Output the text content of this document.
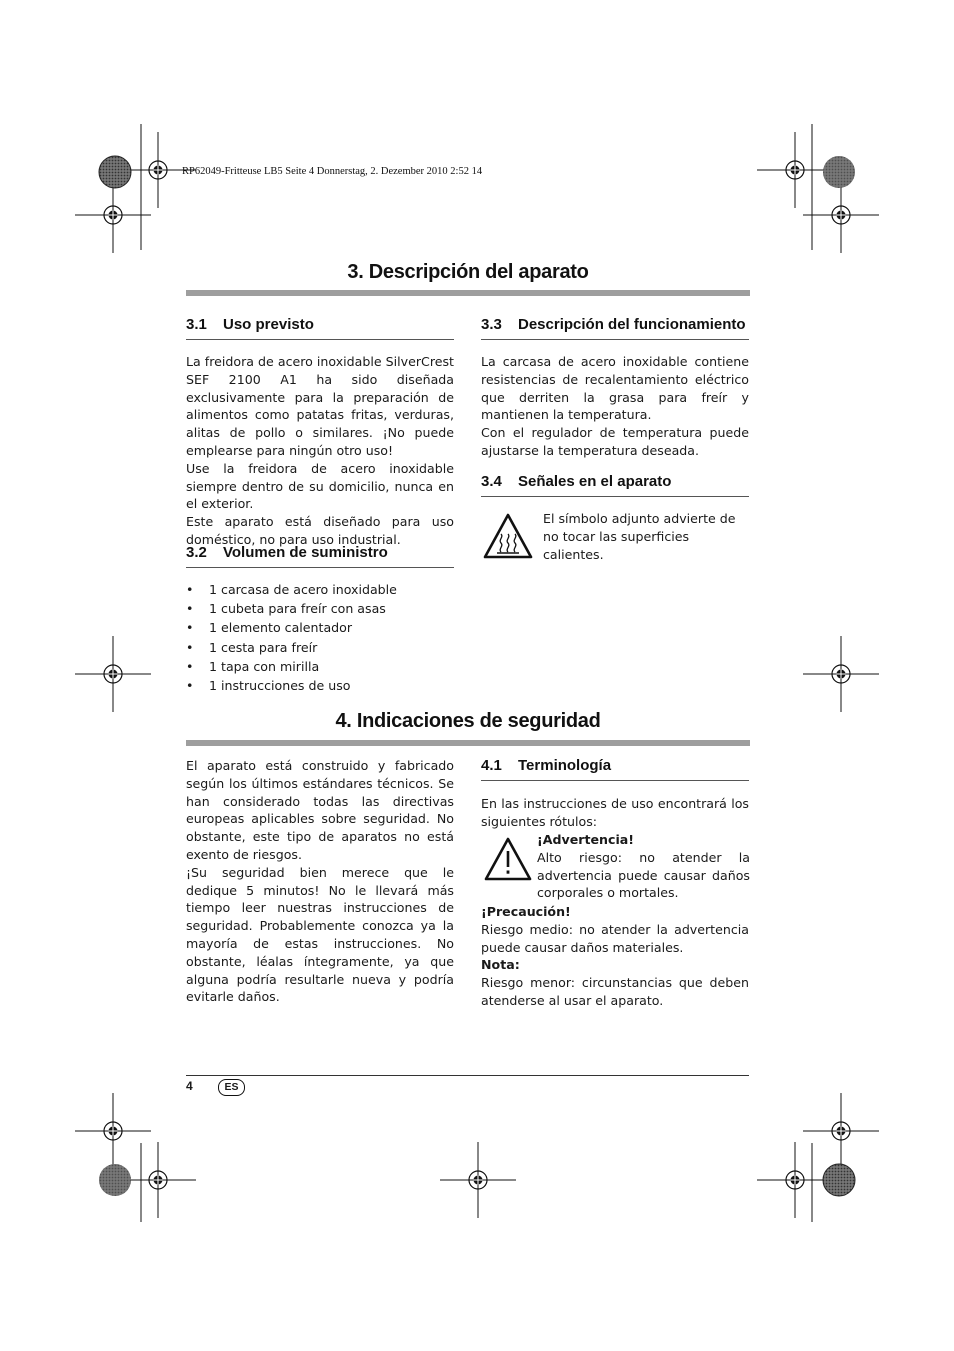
RP62049-Fritteuse LB5 Seite 4 Donnerstag, 2. Dezember 2010 2:52 14
3. Descripción del aparato
3.1 Uso previsto

La freidora de acero inoxidable SilverCrest SEF 2100 A1 ha sido diseñada exclusivamente para la preparación de alimentos como patatas fritas, verduras, alitas de pollo o similares. ¡No puede emplearse para ningún otro uso!

Use la freidora de acero inoxidable siempre dentro de su domicilio, nunca en el exterior.

Este aparato está diseñado para uso doméstico, no para uso industrial.

3.2 Volumen de suministro
• 1 carcasa de acero inoxidable
• 1 cubeta para freír con asas
• 1 elemento calentador
• 1 cesta para freír
• 1 tapa con mirilla
• 1 instrucciones de uso
3.3 Descripción del funcionamiento

La carcasa de acero inoxidable contiene resistencias de recalentamiento eléctrico que derriten la grasa para freír y mantienen la temperatura.

Con el regulador de temperatura puede ajustarse la temperatura deseada.

3.4 Señales en el aparato
El símbolo adjunto advierte de no tocar las superficies calientes.
4. Indicaciones de seguridad

El aparato está construido y fabricado según los últimos estándares técnicos. Se han considerado todas las directivas europeas aplicables sobre seguridad. No obstante, este tipo de aparatos no está exento de riesgos.

¡Su seguridad bien merece que le dedique 5 minutos! No le llevará más tiempo leer nuestras instrucciones de seguridad. Probablemente conozca ya la mayoría de estas instrucciones. No obstante, léalas íntegramente, ya que alguna podría resultarle nueva y podría evitarle daños.

4.1 Terminología
En las instrucciones de uso encontrará los siguientes rótulos:

¡Advertencia!

Alto riesgo: no atender la advertencia puede causar daños corporales o mortales.

¡Precaución!

Riesgo medio: no atender la advertencia puede causar daños materiales.

Nota:

Riesgo menor: circunstancias que deben atenderse al usar el aparato.

4	ES
